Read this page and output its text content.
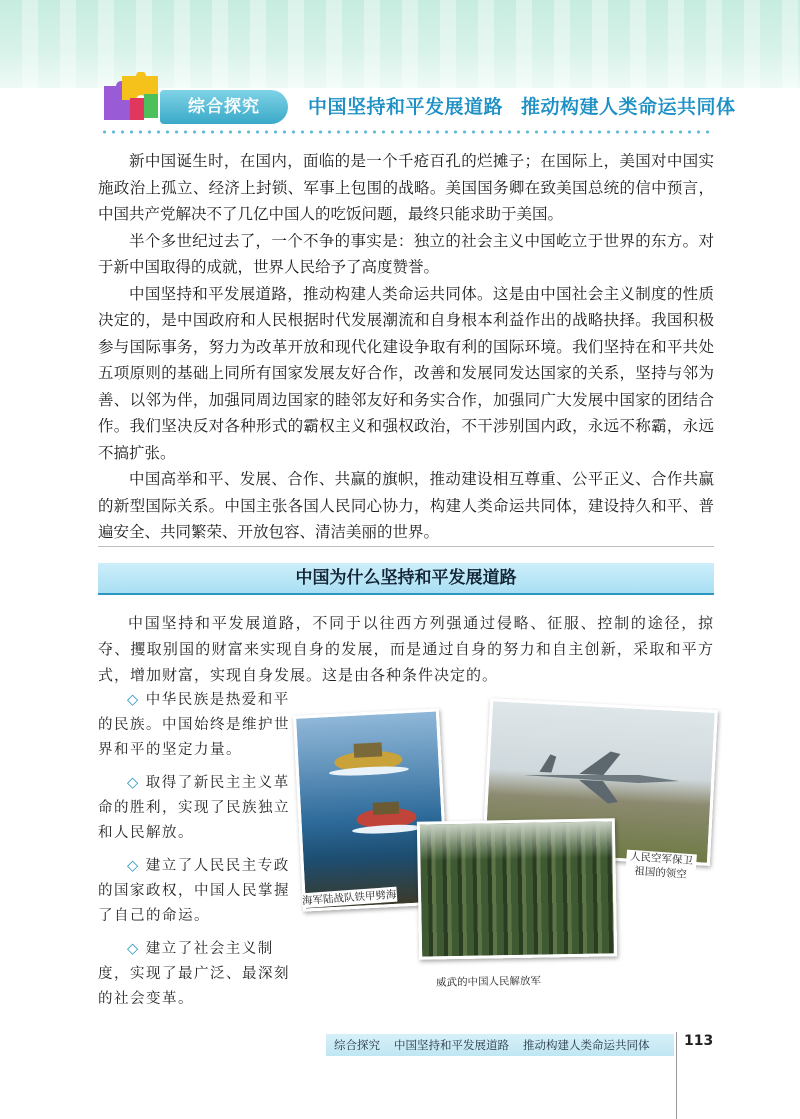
综合探究	中国坚持和平发展道路 推动构建人类命运共同体

新中国诞生时，在国内，面临的是一个千疮百孔的烂摊子；在国际上，美国对中国实施政治上孤立、经济上封锁、军事上包围的战略。美国国务卿在致美国总统的信中预言，中国共产党解决不了几亿中国人的吃饭问题，最终只能求助于美国。

半个多世纪过去了，一个不争的事实是：独立的社会主义中国屹立于世界的东方。对于新中国取得的成就，世界人民给予了高度赞誉。

中国坚持和平发展道路，推动构建人类命运共同体。这是由中国社会主义制度的性质决定的，是中国政府和人民根据时代发展潮流和自身根本利益作出的战略抉择。我国积极参与国际事务，努力为改革开放和现代化建设争取有利的国际环境。我们坚持在和平共处五项原则的基础上同所有国家发展友好合作，改善和发展同发达国家的关系，坚持与邻为善、以邻为伴，加强同周边国家的睦邻友好和务实合作，加强同广大发展中国家的团结合作。我们坚决反对各种形式的霸权主义和强权政治，不干涉别国内政，永远不称霸，永远不搞扩张。

中国高举和平、发展、合作、共赢的旗帜，推动建设相互尊重、公平正义、合作共赢的新型国际关系。中国主张各国人民同心协力，构建人类命运共同体，建设持久和平、普遍安全、共同繁荣、开放包容、清洁美丽的世界。

中国为什么坚持和平发展道路

中国坚持和平发展道路，不同于以往西方列强通过侵略、征服、控制的途径，掠夺、攫取别国的财富来实现自身的发展，而是通过自身的努力和自主创新，采取和平方式，增加财富，实现自身发展。这是由各种条件决定的。

◇ 中华民族是热爱和平的民族。中国始终是维护世界和平的坚定力量。

◇ 取得了新民主主义革命的胜利，实现了民族独立和人民解放。

◇ 建立了人民民主专政的国家政权，中国人民掌握了自己的命运。

◇ 建立了社会主义制度，实现了最广泛、最深刻的社会变革。

海军陆战队铁甲劈海
人民空军保卫祖国的领空
威武的中国人民解放军
综合探究 中国坚持和平发展道路 推动构建人类命运共同体	113
